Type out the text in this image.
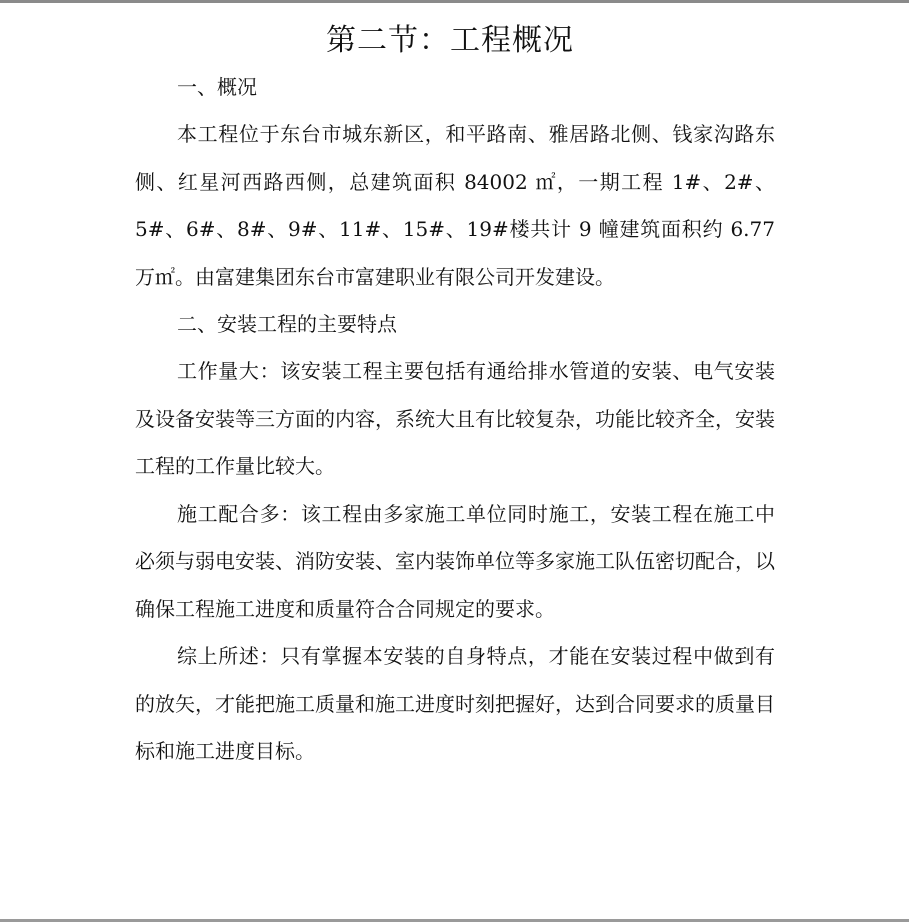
第二节：工程概况

一、概况

本工程位于东台市城东新区，和平路南、雅居路北侧、钱家沟路东侧、红星河西路西侧，总建筑面积 84002 ㎡，一期工程 1#、2#、5#、6#、8#、9#、11#、15#、19#楼共计 9 幢建筑面积约 6.77 万㎡。由富建集团东台市富建职业有限公司开发建设。

二、安装工程的主要特点

工作量大：该安装工程主要包括有通给排水管道的安装、电气安装及设备安装等三方面的内容，系统大且有比较复杂，功能比较齐全，安装工程的工作量比较大。

施工配合多：该工程由多家施工单位同时施工，安装工程在施工中必须与弱电安装、消防安装、室内装饰单位等多家施工队伍密切配合，以确保工程施工进度和质量符合合同规定的要求。

综上所述：只有掌握本安装的自身特点，才能在安装过程中做到有的放矢，才能把施工质量和施工进度时刻把握好，达到合同要求的质量目标和施工进度目标。
